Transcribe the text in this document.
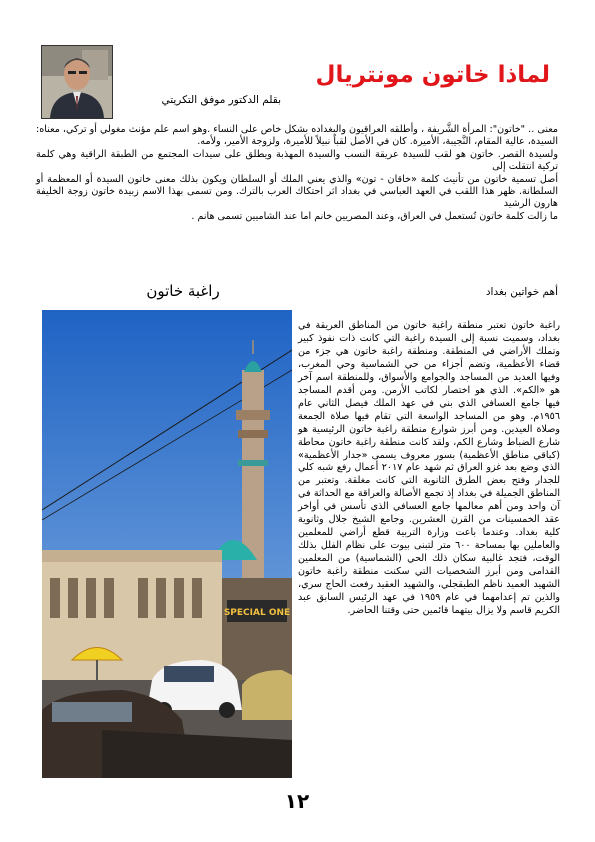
لماذا خاتون مونتريال
بقلم الدكتور موفق التكريتي

معنى .. "خاتون": المرأة الشَّريفة ، وأطلقه العراقيون والبغداده بشكل خاص على النساء .وهو اسم علم مؤنث مغولي أو تركي، معناه: السيدة، عالية المقام، النَّجيبة، الأميرة. كان في الأصل لقباً نبيلاً للأميرة، ولزوجة الأمير، ولأمه.

ولسيدة القصر. خاتون هو لقب للسيدة عريقة النسب والسيدة المهذبة ويطلق على سيدات المجتمع من الطبقة الراقية وهي كلمة تركية انتقلت إلى

أصل تسمية خاتون من تأنيث كلمة «خاقان - تون» والذي يعني الملك أو السلطان ويكون بذلك معنى خاتون السيدة أو المعظمة أو السلطانة. ظهر هذا اللقب في العهد العباسي في بغداد اثر احتكاك العرب بالترك. ومن تسمى بهذا الاسم زبيدة خاتون زوجة الخليفة هارون الرشيد

ما زالت كلمة خاتون تُستعمل في العراق، وعند المصريين خانم اما عند الشاميين تسمى هانم .

أهم خواتين بغداد
راغبة خاتون
SPECIAL ONE
راغبة خاتون تعتبر منطقة راغبة خاتون من المناطق العريقة في بغداد، وسميت نسبة إلى السيدة راغبة التي كانت ذات نفوذ كبير وتملك الأراضي في المنطقة. ومنطقة راغبة خاتون هي جزء من قضاء الأعظمية، وتضم أجزاء من حي الشماسية وحي المغرب، وفيها العديد من المساجد والجوامع والأسواق، وللمنطقة اسم آخر هو «الكم». الذي هو اختصار لكاتب الأرمن. ومن أقدم المساجد فيها جامع العسافي الذي بني في عهد الملك فيصل الثاني عام ١٩٥٦م. وهو من المساجد الواسعة التي تقام فيها صلاة الجمعة وصلاة العيدين. ومن أبرز شوارع منطقة راغبة خاتون الرئيسية هو شارع الضباط وشارع الكم، ولقد كانت منطقة راغبة خاتون محاطة (كباقي مناطق الأعظمية) بسور معروف يسمى «جدار الأعظمية» الذي وضع بعد غزو العراق ثم شهد عام ٢٠١٧ أعمال رفع شبه كلي للجدار وفتح بعض الطرق الثانوية التي كانت مغلقة. وتعتبر من المناطق الجميلة في بغداد إذ تجمع الأصالة والعراقة مع الحداثة في آن واحد ومن أهم معالمها جامع العسافي الذي تأسس في أواخر عقد الخمسينات من القرن العشرين. وجامع الشيخ جلال وثانوية كلية بغداد. وعندما باعت وزارة التربية قطع أراضي للمعلمين والعاملين بها بمساحة ٦٠٠ متر لتبنى بيوت على نظام الفلل بذلك الوقت، فتجد غالبية سكان ذلك الحي (الشماسية) من المعلمين القدامى ومن أبرز الشخصيات التي سكنت منطقة راغبة خاتون الشهيد العميد ناظم الطبقجلي، والشهيد العقيد رفعت الحاج سري، والذين تم إعدامهما في عام ١٩٥٩ في عهد الرئيس السابق عبد الكريم قاسم ولا يزال بيتهما قائمين حتى وقتنا الحاضر.
١٢
